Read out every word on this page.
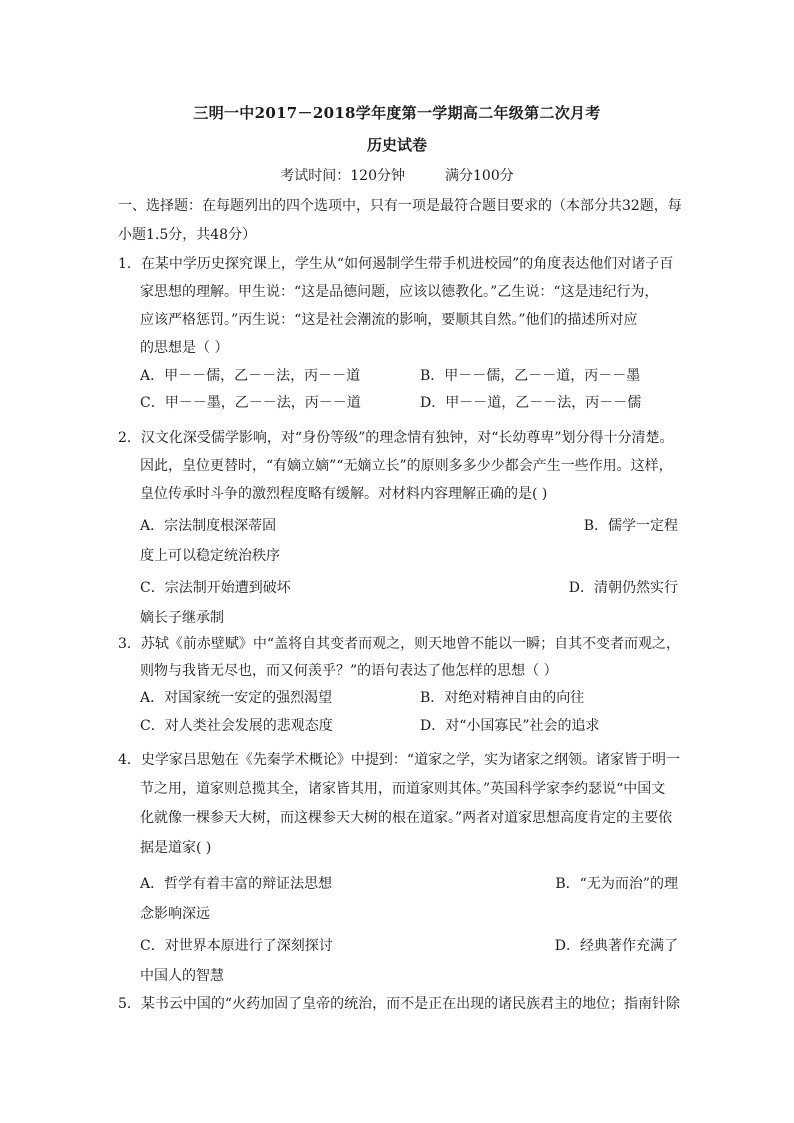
三明一中2017－2018学年度第一学期高二年级第二次月考
历史试卷
考试时间：120分钟	满分100分
一、选择题：在每题列出的四个选项中，只有一项是最符合题目要求的（本部分共32题，每
小题1.5分，共48分）
1．在某中学历史探究课上，学生从“如何遏制学生带手机进校园”的角度表达他们对诸子百
家思想的理解。甲生说：“这是品德问题，应该以德教化。”乙生说：“这是违纪行为，
应该严格惩罚。”丙生说：“这是社会潮流的影响，要顺其自然。”他们的描述所对应
的思想是（ ）
A．甲－－儒，乙－－法，丙－－道	B．甲－－儒，乙－－道，丙－－墨
C．甲－－墨，乙－－法，丙－－道	D．甲－－道，乙－－法，丙－－儒
2．汉文化深受儒学影响，对“身份等级”的理念情有独钟，对“长幼尊卑”划分得十分清楚。
因此，皇位更替时，“有嫡立嫡”“无嫡立长”的原则多多少少都会产生一些作用。这样，
皇位传承时斗争的激烈程度略有缓解。对材料内容理解正确的是( )
A．宗法制度根深蒂固	B．儒学一定程
度上可以稳定统治秩序
C．宗法制开始遭到破坏	D．清朝仍然实行
嫡长子继承制
3．苏轼《前赤壁赋》中“盖将自其变者而观之，则天地曾不能以一瞬；自其不变者而观之，
则物与我皆无尽也，而又何羡乎？”的语句表达了他怎样的思想（ ）
A．对国家统一安定的强烈渴望	B．对绝对精神自由的向往
C．对人类社会发展的悲观态度	D．对“小国寡民”社会的追求
4．史学家吕思勉在《先秦学术概论》中提到：“道家之学，实为诸家之纲领。诸家皆于明一
节之用，道家则总揽其全，诸家皆其用，而道家则其体。”英国科学家李约瑟说“中国文
化就像一棵参天大树，而这棵参天大树的根在道家。”两者对道家思想高度肯定的主要依
据是道家( )
A．哲学有着丰富的辩证法思想	B．“无为而治”的理
念影响深远
C．对世界本原进行了深刻探讨	D．经典著作充满了
中国人的智慧
5．某书云中国的“火药加固了皇帝的统治，而不是正在出现的诸民族君主的地位；指南针除
